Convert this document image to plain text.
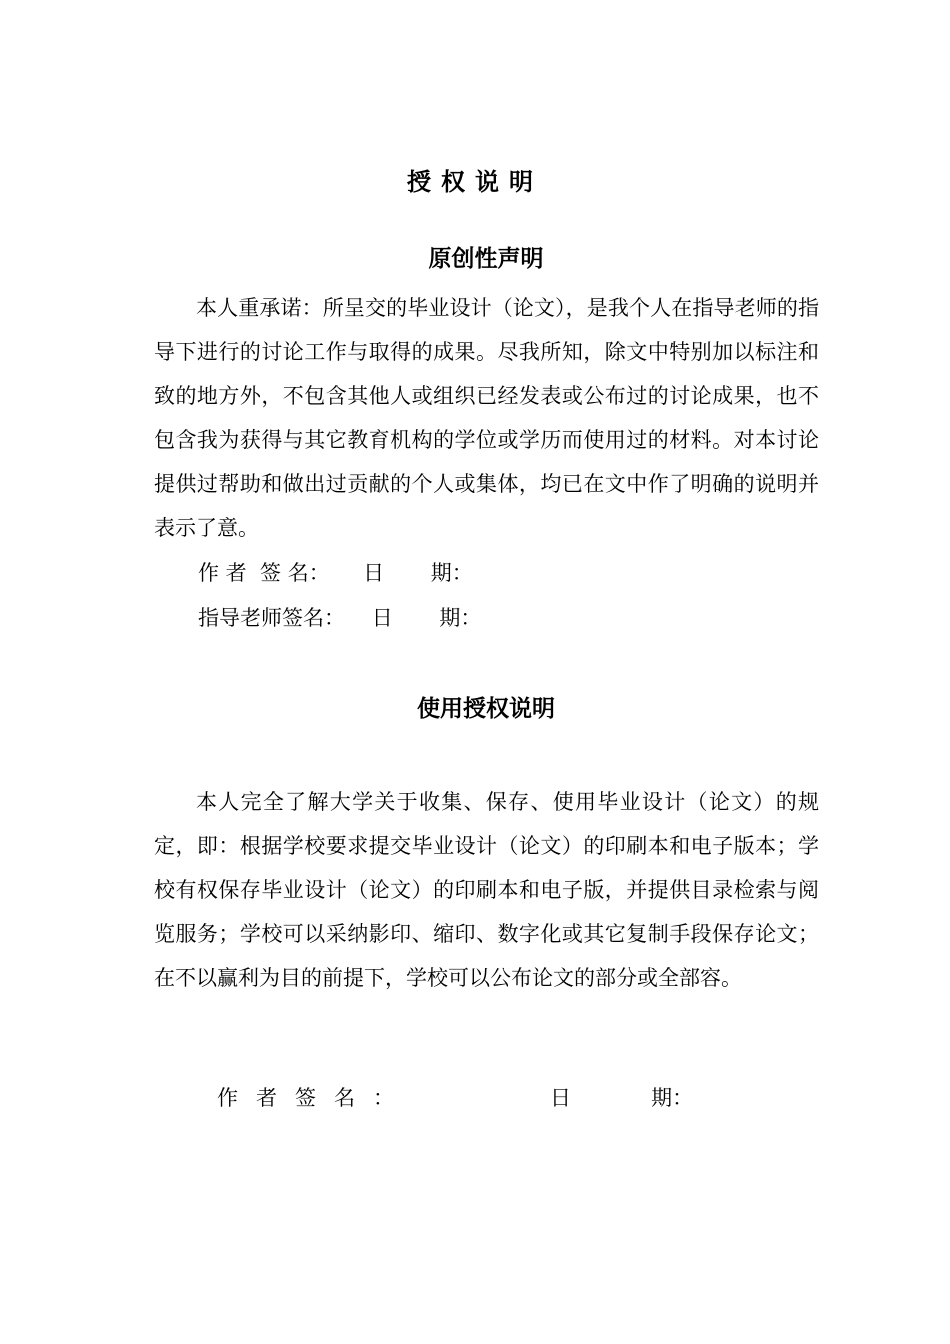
授权说明
原创性声明

本人重承诺：所呈交的毕业设计（论文），是我个人在指导老师的指导下进行的讨论工作与取得的成果。尽我所知，除文中特别加以标注和致的地方外，不包含其他人或组织已经发表或公布过的讨论成果，也不包含我为获得与其它教育机构的学位或学历而使用过的材料。对本讨论提供过帮助和做出过贡献的个人或集体，均已在文中作了明确的说明并表示了意。

作 者  签 名：     日       期：
指导老师签名：    日       期：
使用授权说明

本人完全了解大学关于收集、保存、使用毕业设计（论文）的规定，即：根据学校要求提交毕业设计（论文）的印刷本和电子版本；学校有权保存毕业设计（论文）的印刷本和电子版，并提供目录检索与阅览服务；学校可以采纳影印、缩印、数字化或其它复制手段保存论文；在不以赢利为目的前提下，学校可以公布论文的部分或全部容。

作者签名：	日            期：
